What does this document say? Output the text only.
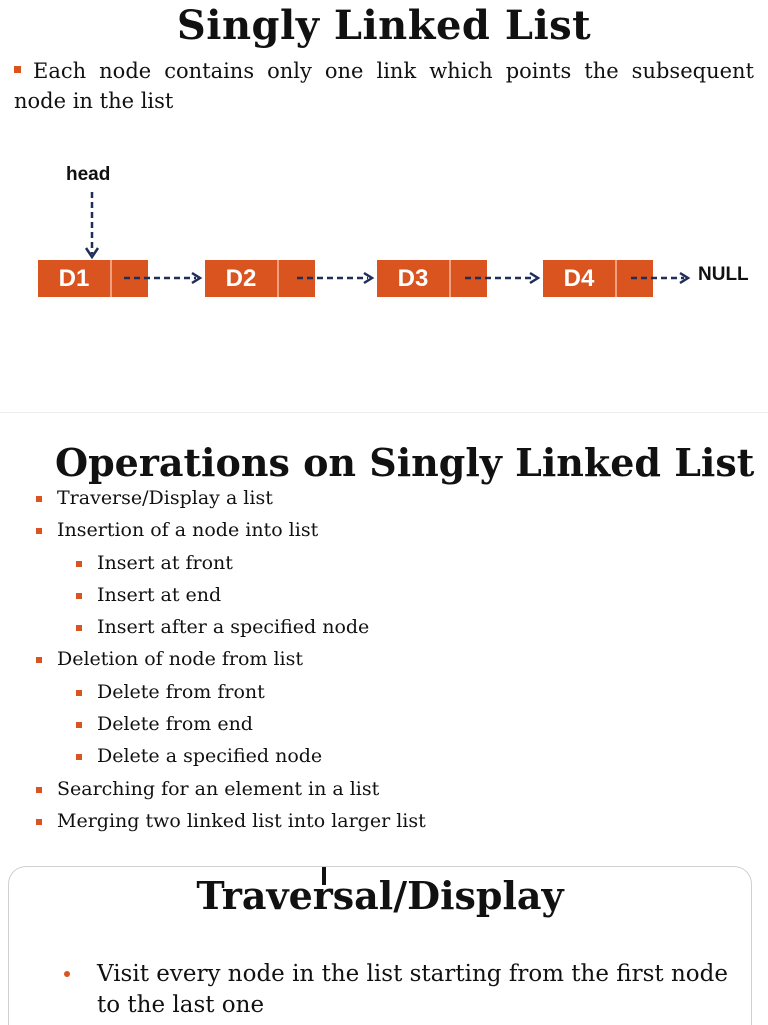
Singly Linked List
Each node contains only one link which points the subsequent node in the list
head
D1	D2	D3	D4	NULL
Operations on Singly Linked List
Traverse/Display a list
Insertion of a node into list
Insert at front
Insert at end
Insert after a specified node
Deletion of node from list
Delete from front
Delete from end
Delete a specified node
Searching for an element in a list
Merging two linked list into larger list
Traversal/Display
Visit every node in the list starting from the first node to the last one
